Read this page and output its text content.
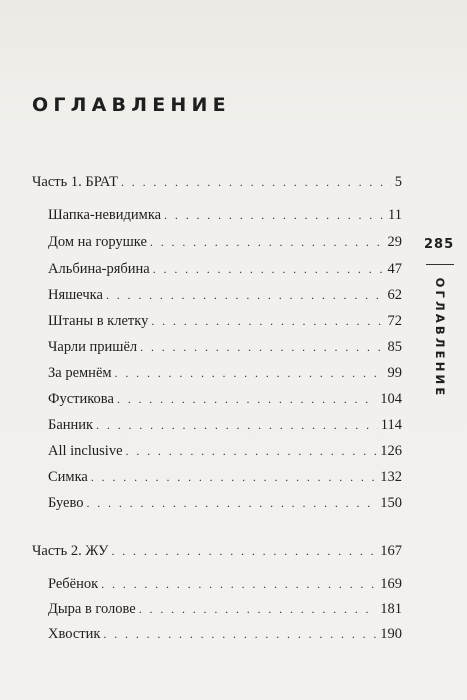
ОГЛАВЛЕНИЕ
Часть 1. БРАТ . . .	5
Шапка-невидимка . . .	11
Дом на горушке . . .	29
Альбина-рябина . . .	47
Няшечка . . .	62
Штаны в клетку . . .	72
Чарли пришёл . . .	85
За ремнём . . .	99
Фустикова . . .	104
Банник . . .	114
All inclusive . . .	126
Симка . . .	132
Буево . . .	150
Часть 2. ЖУ . . .	167
Ребёнок . . .	169
Дыра в голове . . .	181
Хвостик . . .	190
285
ОГЛАВЛЕНИЕ
